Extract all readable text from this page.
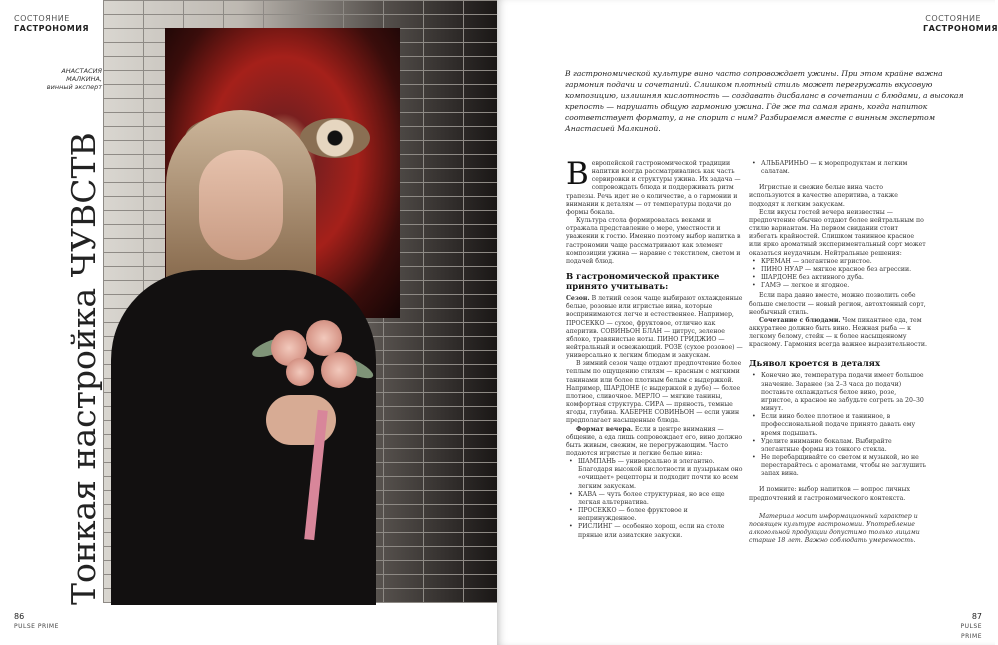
СОСТОЯНИЕ
ГАСТРОНОМИЯ
АНАСТАСИЯ МАЛКИНА,
винный эксперт
Тонкая настройка ЧУВСТВ
86
PULSE PRIME
СОСТОЯНИЕ
ГАСТРОНОМИЯ
В гастрономической культуре вино часто сопровождает ужины. При этом крайне важна гармония подачи и сочетаний. Слишком плотный стиль может перегружать вкусовую композицию, излишняя кислотность — создавать дисбаланс в сочетании с блюдами, а высокая крепость — нарушать общую гармонию ужина. Где же та самая грань, когда напиток соответствует формату, а не спорит с ним? Разбираемся вместе с винным экспертом Анастасией Малкиной.

Вевропейской гастрономической традиции напитки всегда рассматривались как часть сервировки и структуры ужина. Их задача — сопровождать блюда и поддерживать ритм трапезы. Речь идет не о количестве, а о гармонии и внимании к деталям — от температуры подачи до формы бокала.

Культура стола формировалась веками и отражала представление о мере, уместности и уважении к гостю. Именно поэтому выбор напитка в гастрономии чаще рассматривают как элемент композиции ужина — наравне с текстилем, светом и подачей блюд.

В гастрономической практике принято учитывать:

Сезон. В летний сезон чаще выбирают охлажденные белые, розовые или игристые вина, которые воспринимаются легче и естественнее. Например, ПРОСЕККО — сухое, фруктовое, отлично как аперитив. СОВИНЬОН БЛАН — цитрус, зеленое яблоко, травянистые ноты. ПИНО ГРИДЖИО — нейтральный и освежающий. РОЗЕ (сухое розовое) — универсально к легким блюдам и закускам.

В зимний сезон чаще отдают предпочтение более теплым по ощущению стилям — красным с мягкими танинами или более плотным белым с выдержкой. Например, ШАРДОНЕ (с выдержкой в дубе) — более плотное, сливочное. МЕРЛО — мягкие танины, комфортная структура. СИРА — пряность, темные ягоды, глубина. КАБЕРНЕ СОВИНЬОН — если ужин предполагает насыщенные блюда.

Формат вечера. Если в центре внимания — общение, а еда лишь сопровождает его, вино должно быть живым, свежим, не перегружающим. Часто подаются игристые и легкие белые вина:

• ШАМПАНЬ — универсально и элегантно. Благодаря высокой кислотности и пузырькам оно «очищает» рецепторы и подходит почти ко всем легким закускам.
• КАВА — чуть более структурная, но все еще легкая альтернатива.
• ПРОСЕККО — более фруктовое и непринужденное.
• РИСЛИНГ — особенно хорош, если на столе пряные или азиатские закуски.
• АЛЬБАРИНЬО — к морепродуктам и легким салатам.

Игристые и свежие белые вина часто используются в качестве аперитива, а также подходят к легким закускам.

Если вкусы гостей вечера неизвестны — предпочтение обычно отдают более нейтральным по стилю вариантам. На первом свидании стоит избегать крайностей. Слишком танинное красное или ярко ароматный экспериментальный сорт может оказаться неудачным. Нейтральные решения:

• КРЕМАН — элегантное игристое.
• ПИНО НУАР — мягкое красное без агрессии.
• ШАРДОНЕ без активного дуба.
• ГАМЭ — легкое и ягодное.

Если пара давно вместе, можно позволить себе больше смелости — новый регион, автохтонный сорт, необычный стиль.

Сочетание с блюдами. Чем пикантнее еда, тем аккуратнее должно быть вино. Нежная рыба — к легкому белому, стейк — к более насыщенному красному. Гармония всегда важнее выразительности.

Дьявол кроется в деталях
• Конечно же, температура подачи имеет большое значение. Заранее (за 2–3 часа до подачи) поставьте охлаждаться белое вино, розе, игристое, а красное не забудьте согреть за 20–30 минут.
• Если вино более плотное и танинное, в профессиональной подаче принято давать ему время подышать.
• Уделите внимание бокалам. Выбирайте элегантные формы из тонкого стекла.
• Не перебарщивайте со светом и музыкой, но не перестарайтесь с ароматами, чтобы не заглушить запах вина.

И помните: выбор напитков — вопрос личных предпочтений и гастрономического контекста.

Материал носит информационный характер и посвящен культуре гастрономии. Употребление алкогольной продукции допустимо только лицами старше 18 лет. Важно соблюдать умеренность.

87
PULSE PRIME
